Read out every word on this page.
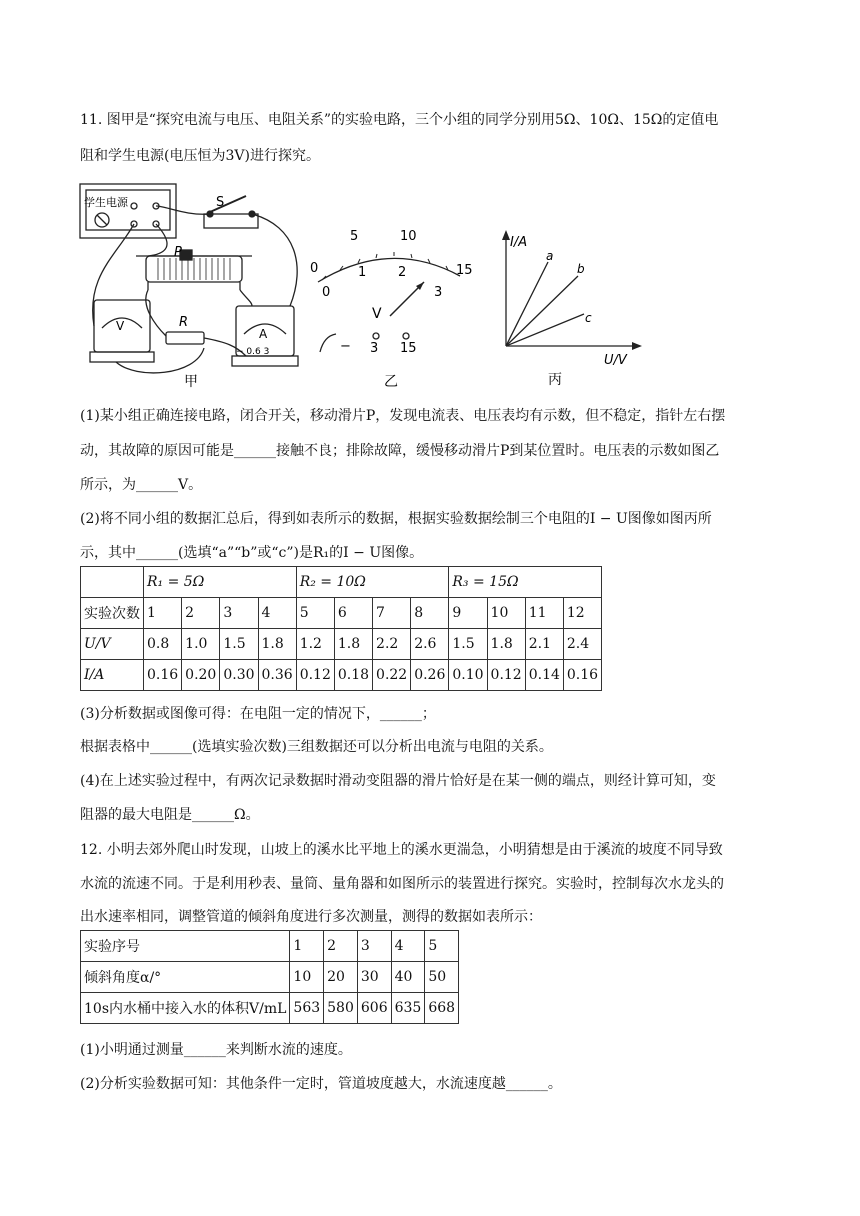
11. 图甲是“探究电流与电压、电阻关系”的实验电路，三个小组的同学分别用5Ω、10Ω、15Ω的定值电
阻和学生电源(电压恒为3V)进行探究。
学生电源	S
P
R
V
A
− 0.6 3
甲
0
5	10
15
0
1 2
3
V
− 3 15
乙
I/A
U/V
a
b
c
丙
(1)某小组正确连接电路，闭合开关，移动滑片P，发现电流表、电压表均有示数，但不稳定，指针左右摆
动，其故障的原因可能是______接触不良；排除故障，缓慢移动滑片P到某位置时。电压表的示数如图乙
所示，为______V。
(2)将不同小组的数据汇总后，得到如表所示的数据，根据实验数据绘制三个电阻的I − U图像如图丙所
示，其中______(选填“a”“b”或“c”)是R₁的I − U图像。
	R₁ = 5Ω				R₂ = 10Ω				R₃ = 15Ω			
实验次数	1	2	3	4	5	6	7	8	9	10	11	12
U/V	0.8	1.0	1.5	1.8	1.2	1.8	2.2	2.6	1.5	1.8	2.1	2.4
I/A	0.16	0.20	0.30	0.36	0.12	0.18	0.22	0.26	0.10	0.12	0.14	0.16
(3)分析数据或图像可得：在电阻一定的情况下，______；
根据表格中______(选填实验次数)三组数据还可以分析出电流与电阻的关系。
(4)在上述实验过程中，有两次记录数据时滑动变阻器的滑片恰好是在某一侧的端点，则经计算可知，变
阻器的最大电阻是______Ω。
12. 小明去郊外爬山时发现，山坡上的溪水比平地上的溪水更湍急，小明猜想是由于溪流的坡度不同导致
水流的流速不同。于是利用秒表、量筒、量角器和如图所示的装置进行探究。实验时，控制每次水龙头的
出水速率相同，调整管道的倾斜角度进行多次测量，测得的数据如表所示：
实验序号	1	2	3	4	5
倾斜角度α/°	10	20	30	40	50
10s内水桶中接入水的体积V/mL	563	580	606	635	668
(1)小明通过测量______来判断水流的速度。
(2)分析实验数据可知：其他条件一定时，管道坡度越大，水流速度越______。
